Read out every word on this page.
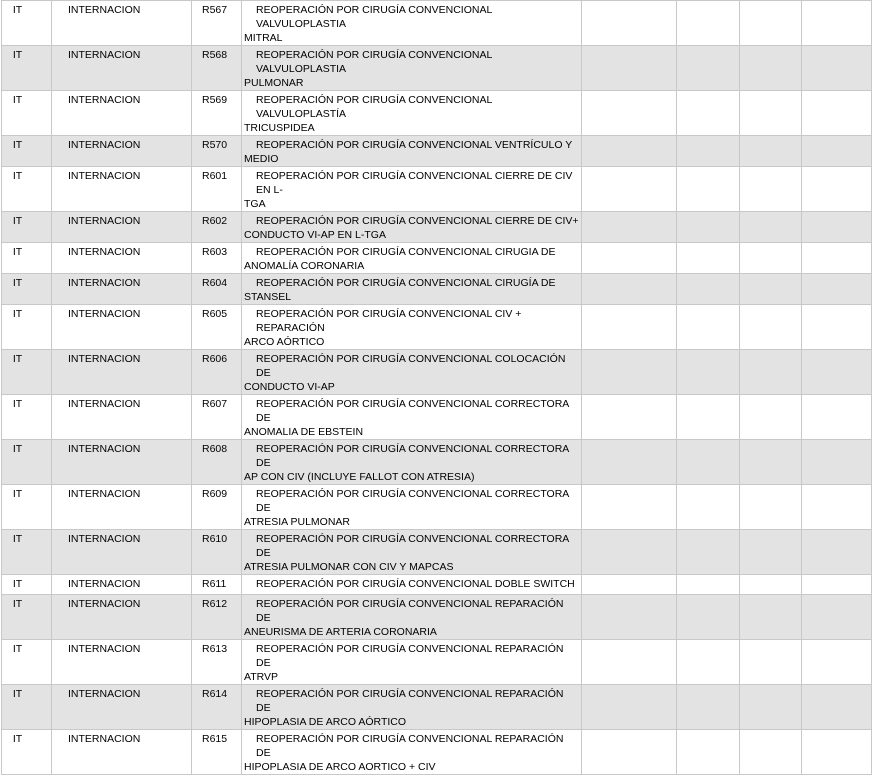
IT	INTERNACION	R567	REOPERACIÓN POR CIRUGÍA CONVENCIONAL VALVULOPLASTIA
MITRAL				

IT	INTERNACION	R568	REOPERACIÓN POR CIRUGÍA CONVENCIONAL VALVULOPLASTIA
PULMONAR				

IT	INTERNACION	R569	REOPERACIÓN POR CIRUGÍA CONVENCIONAL VALVULOPLASTÍA
TRICUSPIDEA				

IT	INTERNACION	R570	REOPERACIÓN POR CIRUGÍA CONVENCIONAL VENTRÍCULO Y
MEDIO				

IT	INTERNACION	R601	REOPERACIÓN POR CIRUGÍA CONVENCIONAL CIERRE DE CIV EN L-
TGA				

IT	INTERNACION	R602	REOPERACIÓN POR CIRUGÍA CONVENCIONAL CIERRE DE CIV+
CONDUCTO VI-AP EN L-TGA				

IT	INTERNACION	R603	REOPERACIÓN POR CIRUGÍA CONVENCIONAL CIRUGIA DE
ANOMALÍA CORONARIA				

IT	INTERNACION	R604	REOPERACIÓN POR CIRUGÍA CONVENCIONAL CIRUGÍA DE
STANSEL				

IT	INTERNACION	R605	REOPERACIÓN POR CIRUGÍA CONVENCIONAL CIV + REPARACIÓN
ARCO AÓRTICO				

IT	INTERNACION	R606	REOPERACIÓN POR CIRUGÍA CONVENCIONAL COLOCACIÓN DE
CONDUCTO VI-AP				

IT	INTERNACION	R607	REOPERACIÓN POR CIRUGÍA CONVENCIONAL CORRECTORA DE
ANOMALIA DE EBSTEIN				

IT	INTERNACION	R608	REOPERACIÓN POR CIRUGÍA CONVENCIONAL CORRECTORA DE
AP CON CIV (INCLUYE FALLOT CON ATRESIA)				

IT	INTERNACION	R609	REOPERACIÓN POR CIRUGÍA CONVENCIONAL CORRECTORA DE
ATRESIA PULMONAR				

IT	INTERNACION	R610	REOPERACIÓN POR CIRUGÍA CONVENCIONAL CORRECTORA DE
ATRESIA PULMONAR CON CIV Y MAPCAS				

IT	INTERNACION	R611	REOPERACIÓN POR CIRUGÍA CONVENCIONAL DOBLE SWITCH				

IT	INTERNACION	R612	REOPERACIÓN POR CIRUGÍA CONVENCIONAL REPARACIÓN DE
ANEURISMA DE ARTERIA CORONARIA				

IT	INTERNACION	R613	REOPERACIÓN POR CIRUGÍA CONVENCIONAL REPARACIÓN DE
ATRVP				

IT	INTERNACION	R614	REOPERACIÓN POR CIRUGÍA CONVENCIONAL REPARACIÓN DE
HIPOPLASIA DE ARCO AÓRTICO				

IT	INTERNACION	R615	REOPERACIÓN POR CIRUGÍA CONVENCIONAL REPARACIÓN DE
HIPOPLASIA DE ARCO AORTICO + CIV				
